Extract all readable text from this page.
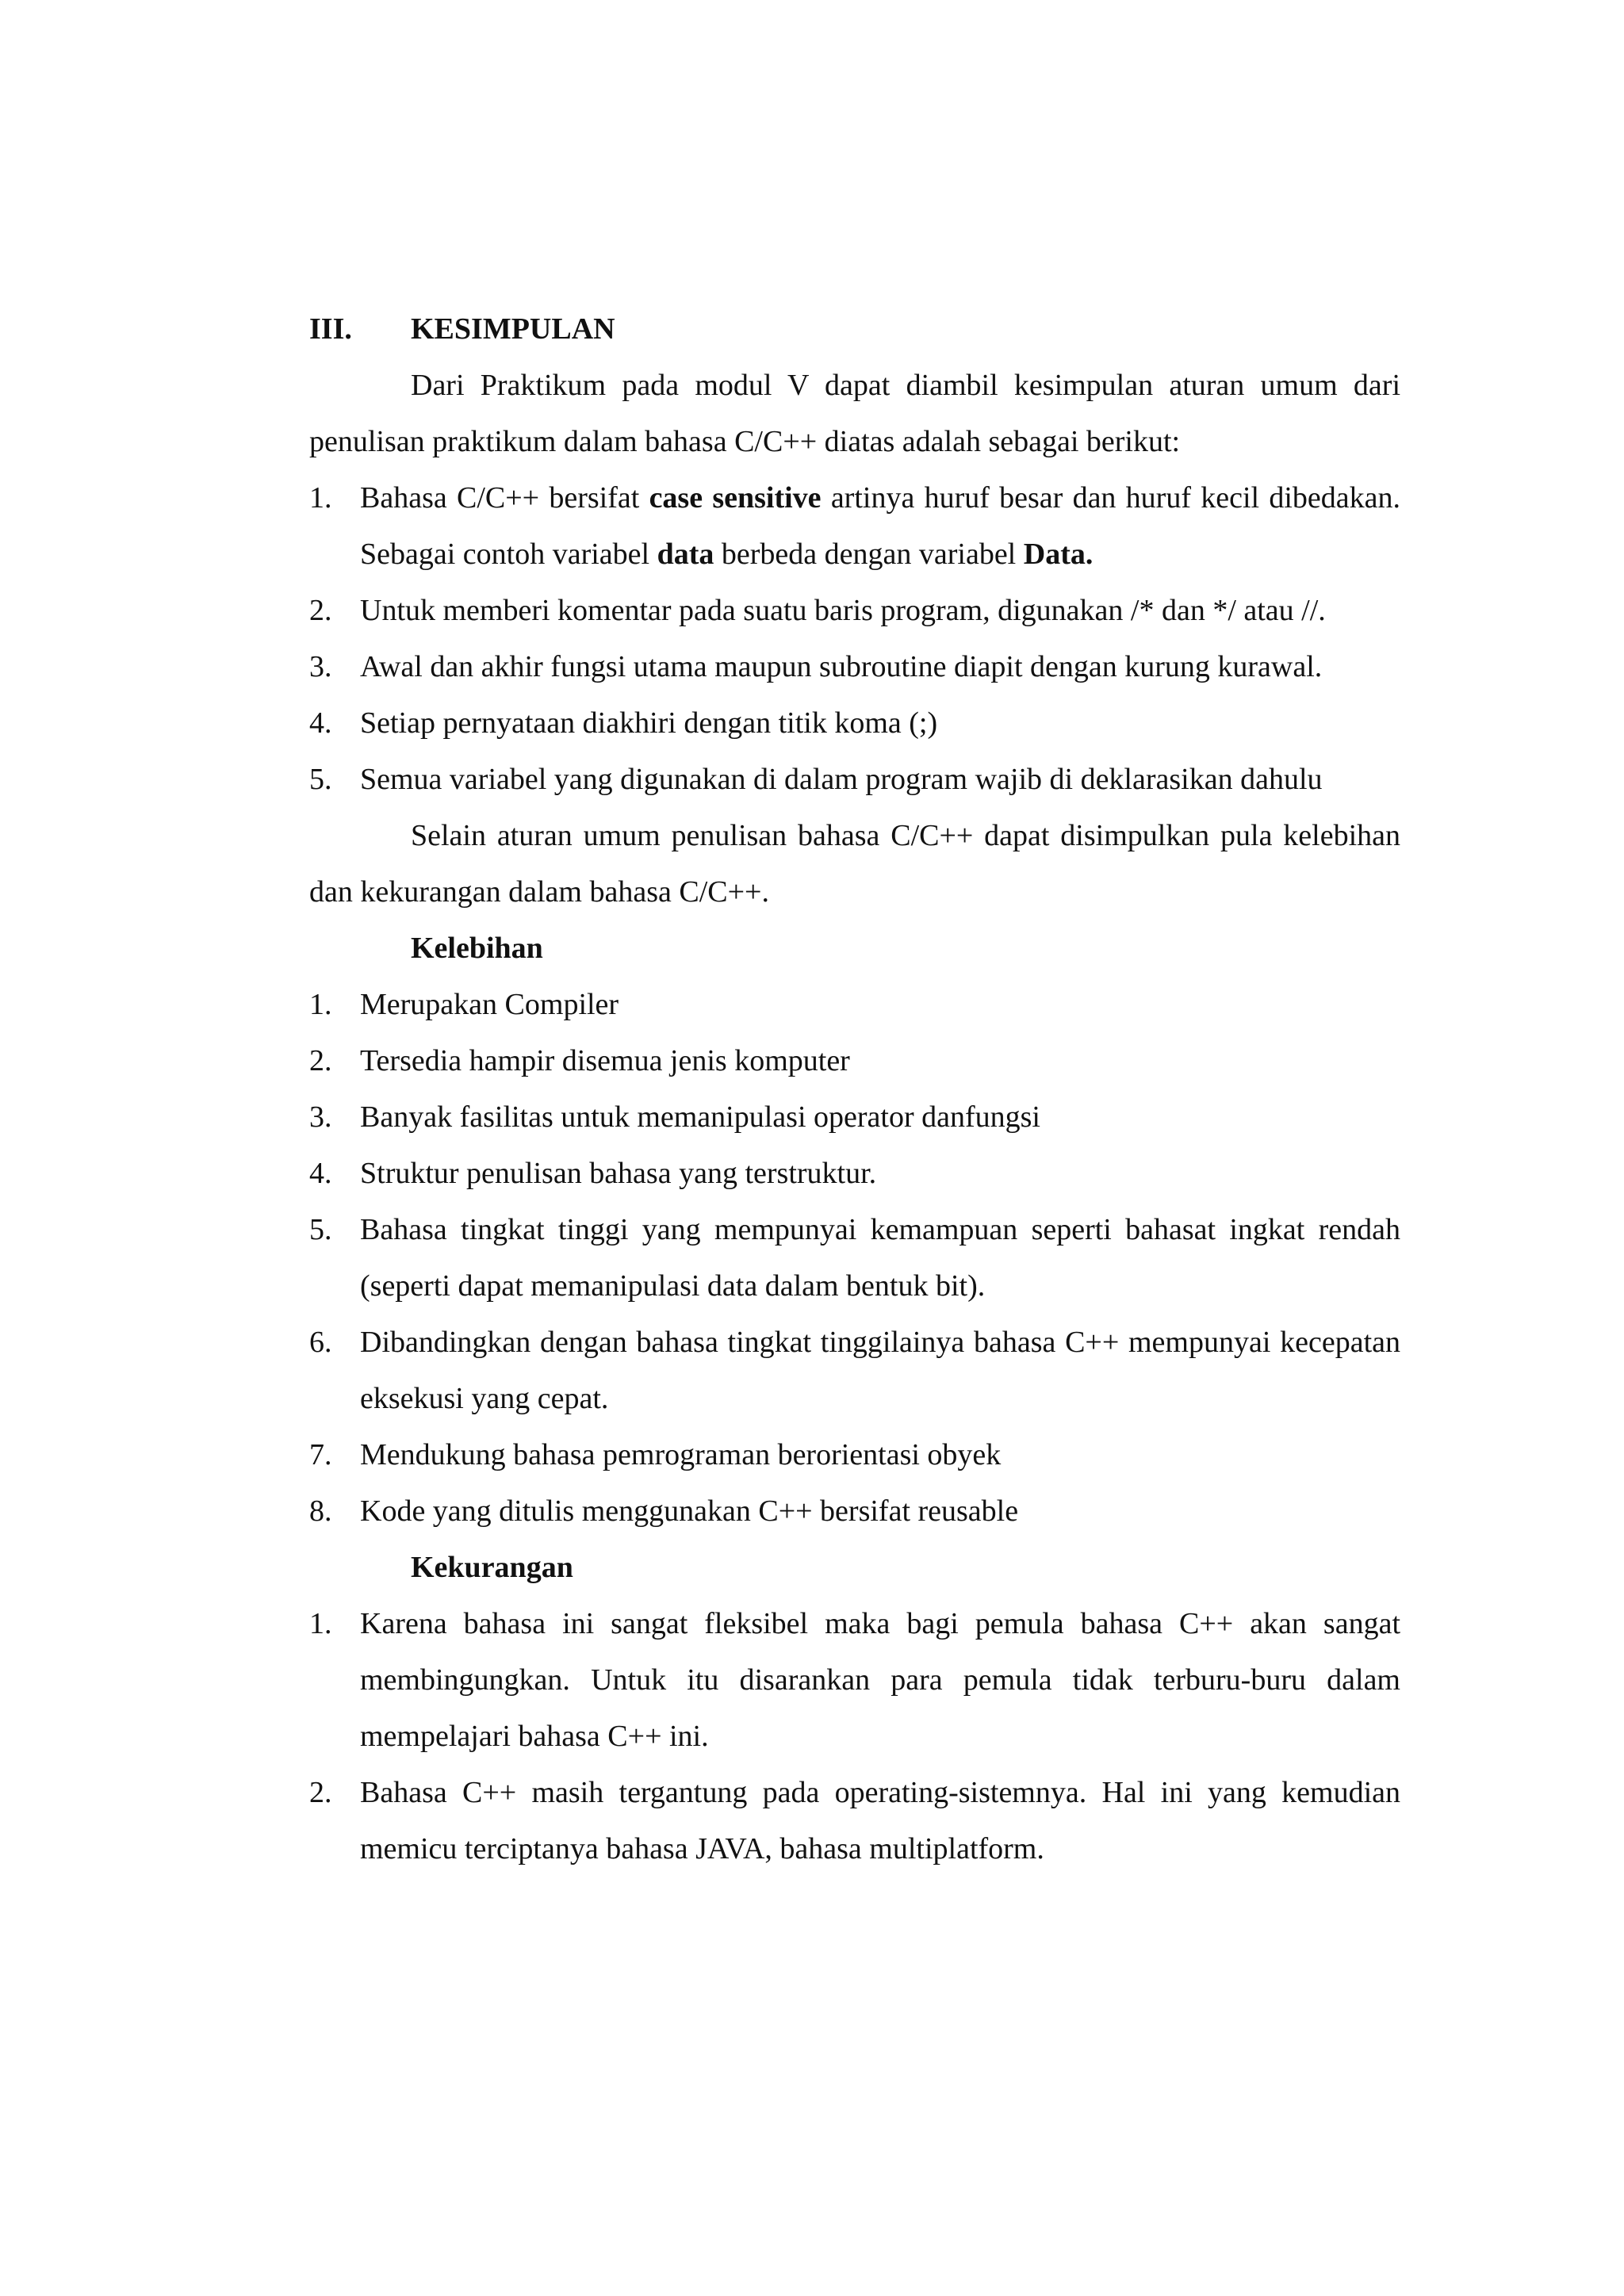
III.	KESIMPULAN

Dari Praktikum pada modul V dapat diambil kesimpulan aturan umum dari penulisan praktikum dalam bahasa C/C++ diatas adalah sebagai berikut:

1. Bahasa C/C++ bersifat case sensitive artinya huruf besar dan huruf kecil dibedakan. Sebagai contoh variabel data berbeda dengan variabel Data.
2. Untuk memberi komentar pada suatu baris program, digunakan /* dan */ atau //.
3. Awal dan akhir fungsi utama maupun subroutine diapit dengan kurung kurawal.
4. Setiap pernyataan diakhiri dengan titik koma (;)
5. Semua variabel yang digunakan di dalam program wajib di deklarasikan dahulu

Selain aturan umum penulisan bahasa C/C++ dapat disimpulkan pula kelebihan dan kekurangan dalam bahasa C/C++.

Kelebihan
1. Merupakan Compiler
2. Tersedia hampir disemua jenis komputer
3. Banyak fasilitas untuk memanipulasi operator danfungsi
4. Struktur penulisan bahasa yang terstruktur.
5. Bahasa tingkat tinggi yang mempunyai kemampuan seperti bahasat ingkat rendah (seperti dapat memanipulasi data dalam bentuk bit).
6. Dibandingkan dengan bahasa tingkat tinggilainya bahasa C++ mempunyai kecepatan eksekusi yang cepat.
7. Mendukung bahasa pemrograman berorientasi obyek
8. Kode yang ditulis menggunakan C++ bersifat reusable
Kekurangan
1. Karena bahasa ini sangat fleksibel maka bagi pemula bahasa C++ akan sangat membingungkan. Untuk itu disarankan para pemula tidak terburu-buru dalam mempelajari bahasa C++ ini.
2. Bahasa C++ masih tergantung pada operating-sistemnya. Hal ini yang kemudian memicu terciptanya bahasa JAVA, bahasa multiplatform.
